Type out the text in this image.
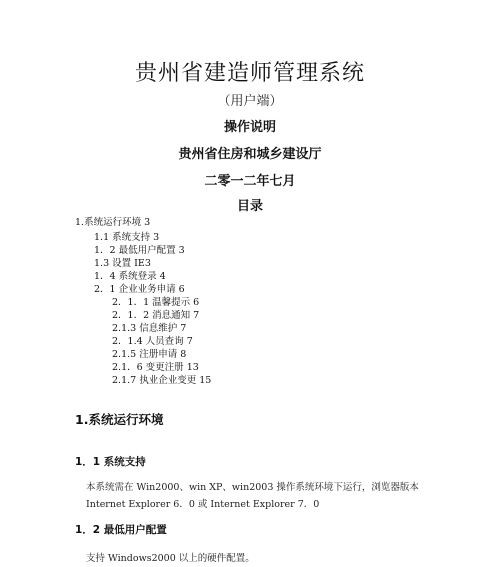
贵州省建造师管理系统
（用户端）
操作说明
贵州省住房和城乡建设厅
二零一二年七月
目录
1.系统运行环境 3
1.1 系统支持 3
1．2 最低用户配置 3
1.3 设置 IE3
1．4 系统登录 4
2．1 企业业务申请 6
2．1．1 温馨提示 6
2．1．2 消息通知 7
2.1.3 信息维护 7
2．1.4 人员查询 7
2.1.5 注册申请 8
2.1．6 变更注册 13
2.1.7 执业企业变更 15
1.系统运行环境
1．1 系统支持
本系统需在 Win2000、win XP、win2003 操作系统环境下运行，浏览器版本 Internet Explorer 6．0 或 Internet Explorer 7．0
1．2 最低用户配置
支持 Windows2000 以上的硬件配置。
